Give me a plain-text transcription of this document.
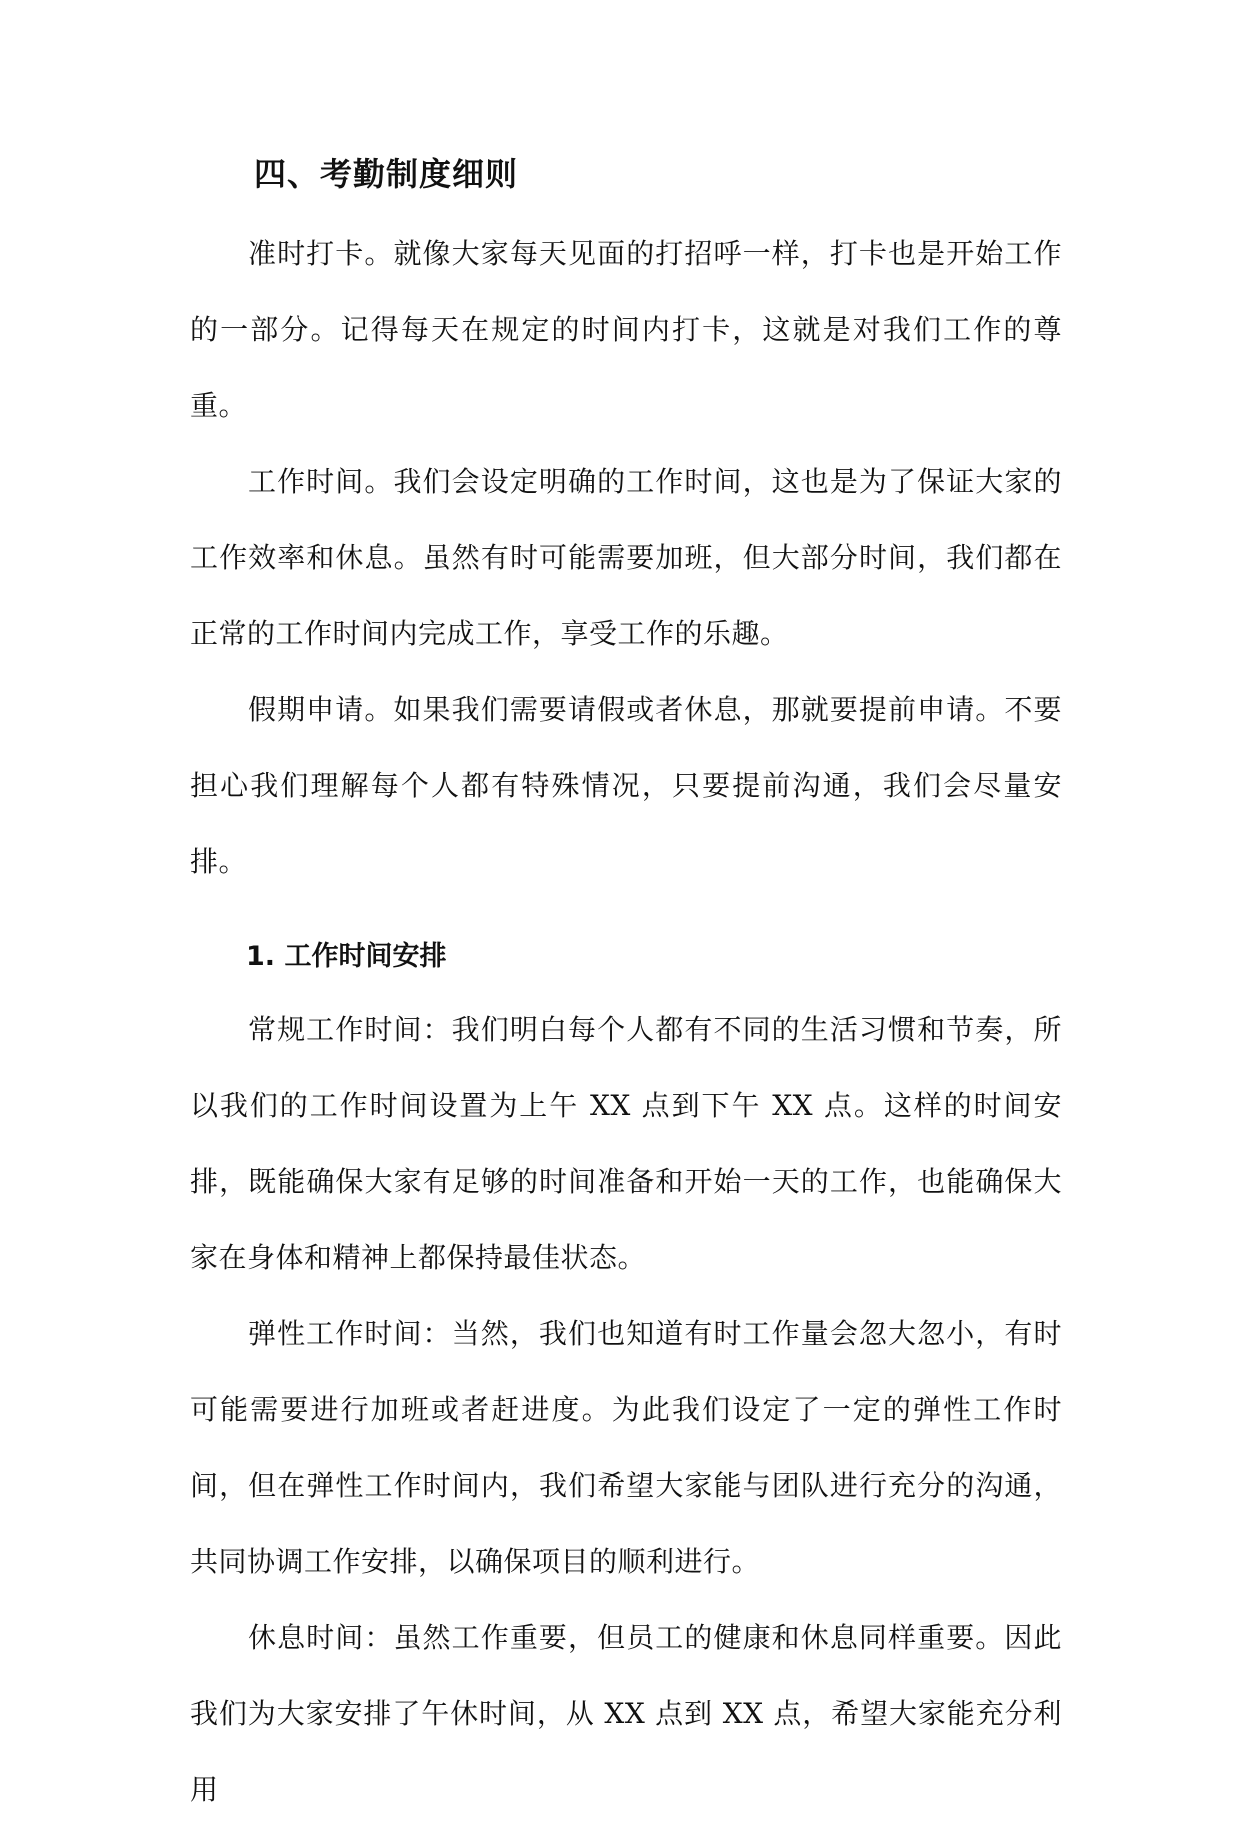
四、考勤制度细则

准时打卡。就像大家每天见面的打招呼一样，打卡也是开始工作的一部分。记得每天在规定的时间内打卡，这就是对我们工作的尊重。

工作时间。我们会设定明确的工作时间，这也是为了保证大家的工作效率和休息。虽然有时可能需要加班，但大部分时间，我们都在正常的工作时间内完成工作，享受工作的乐趣。

假期申请。如果我们需要请假或者休息，那就要提前申请。不要担心我们理解每个人都有特殊情况，只要提前沟通，我们会尽量安排。

1. 工作时间安排

常规工作时间：我们明白每个人都有不同的生活习惯和节奏，所以我们的工作时间设置为上午 XX 点到下午 XX 点。这样的时间安排，既能确保大家有足够的时间准备和开始一天的工作，也能确保大家在身体和精神上都保持最佳状态。

弹性工作时间：当然，我们也知道有时工作量会忽大忽小，有时可能需要进行加班或者赶进度。为此我们设定了一定的弹性工作时间，但在弹性工作时间内，我们希望大家能与团队进行充分的沟通，共同协调工作安排，以确保项目的顺利进行。

休息时间：虽然工作重要，但员工的健康和休息同样重要。因此我们为大家安排了午休时间，从 XX 点到 XX 点，希望大家能充分利用
